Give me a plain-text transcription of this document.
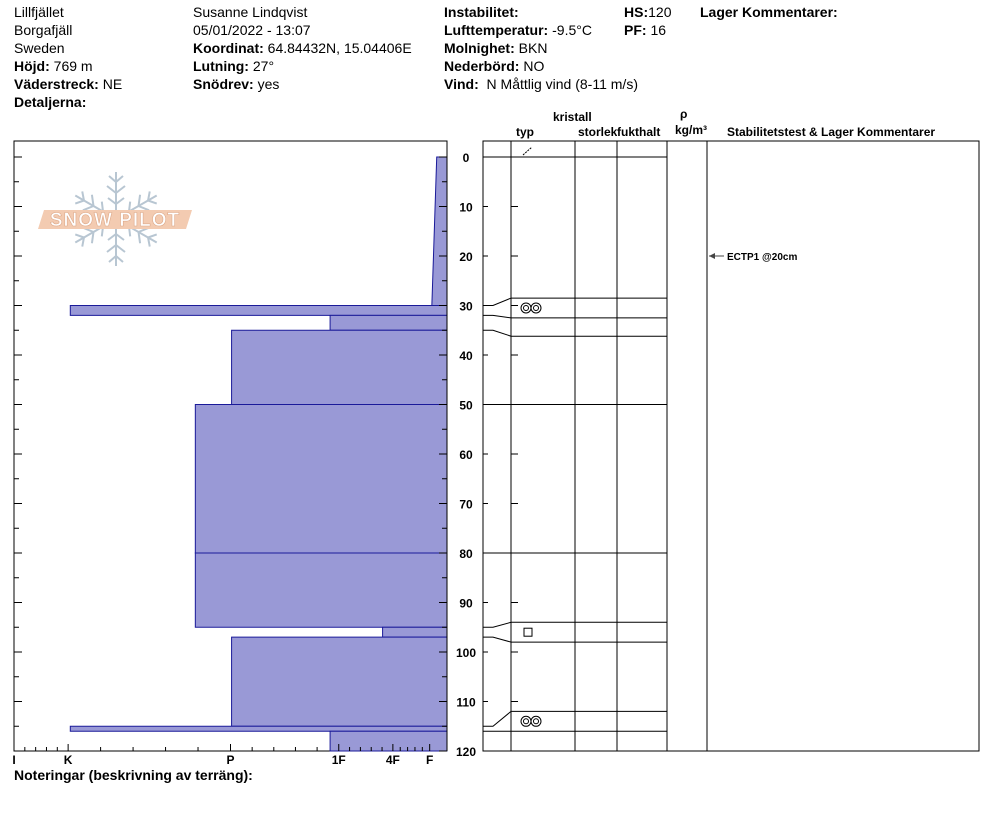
Lillfjället
Borgafjäll
Sweden
Höjd: 769 m
Väderstreck: NE
Detaljerna:
Susanne Lindqvist
05/01/2022 - 13:07
Koordinat: 64.84432N, 15.04406E
Lutning: 27°
Snödrev: yes
Instabilitet:
Lufttemperatur: -9.5°C
Molnighet: BKN
Nederbörd: NO
Vind: N Måttlig vind (8-11 m/s)
HS:120
PF: 16
Lager Kommentarer:
kristall
typ	storlek fukthalt
ρ
kg/m³ Stabilitetstest & Lager Kommentarer
Noteringar (beskrivning av terräng):
SNOW PILOT
I	K	P	1F	4F F
0
10
20
30
40
50
60
70
80
90
100
110
120
ECTP1 @20cm
